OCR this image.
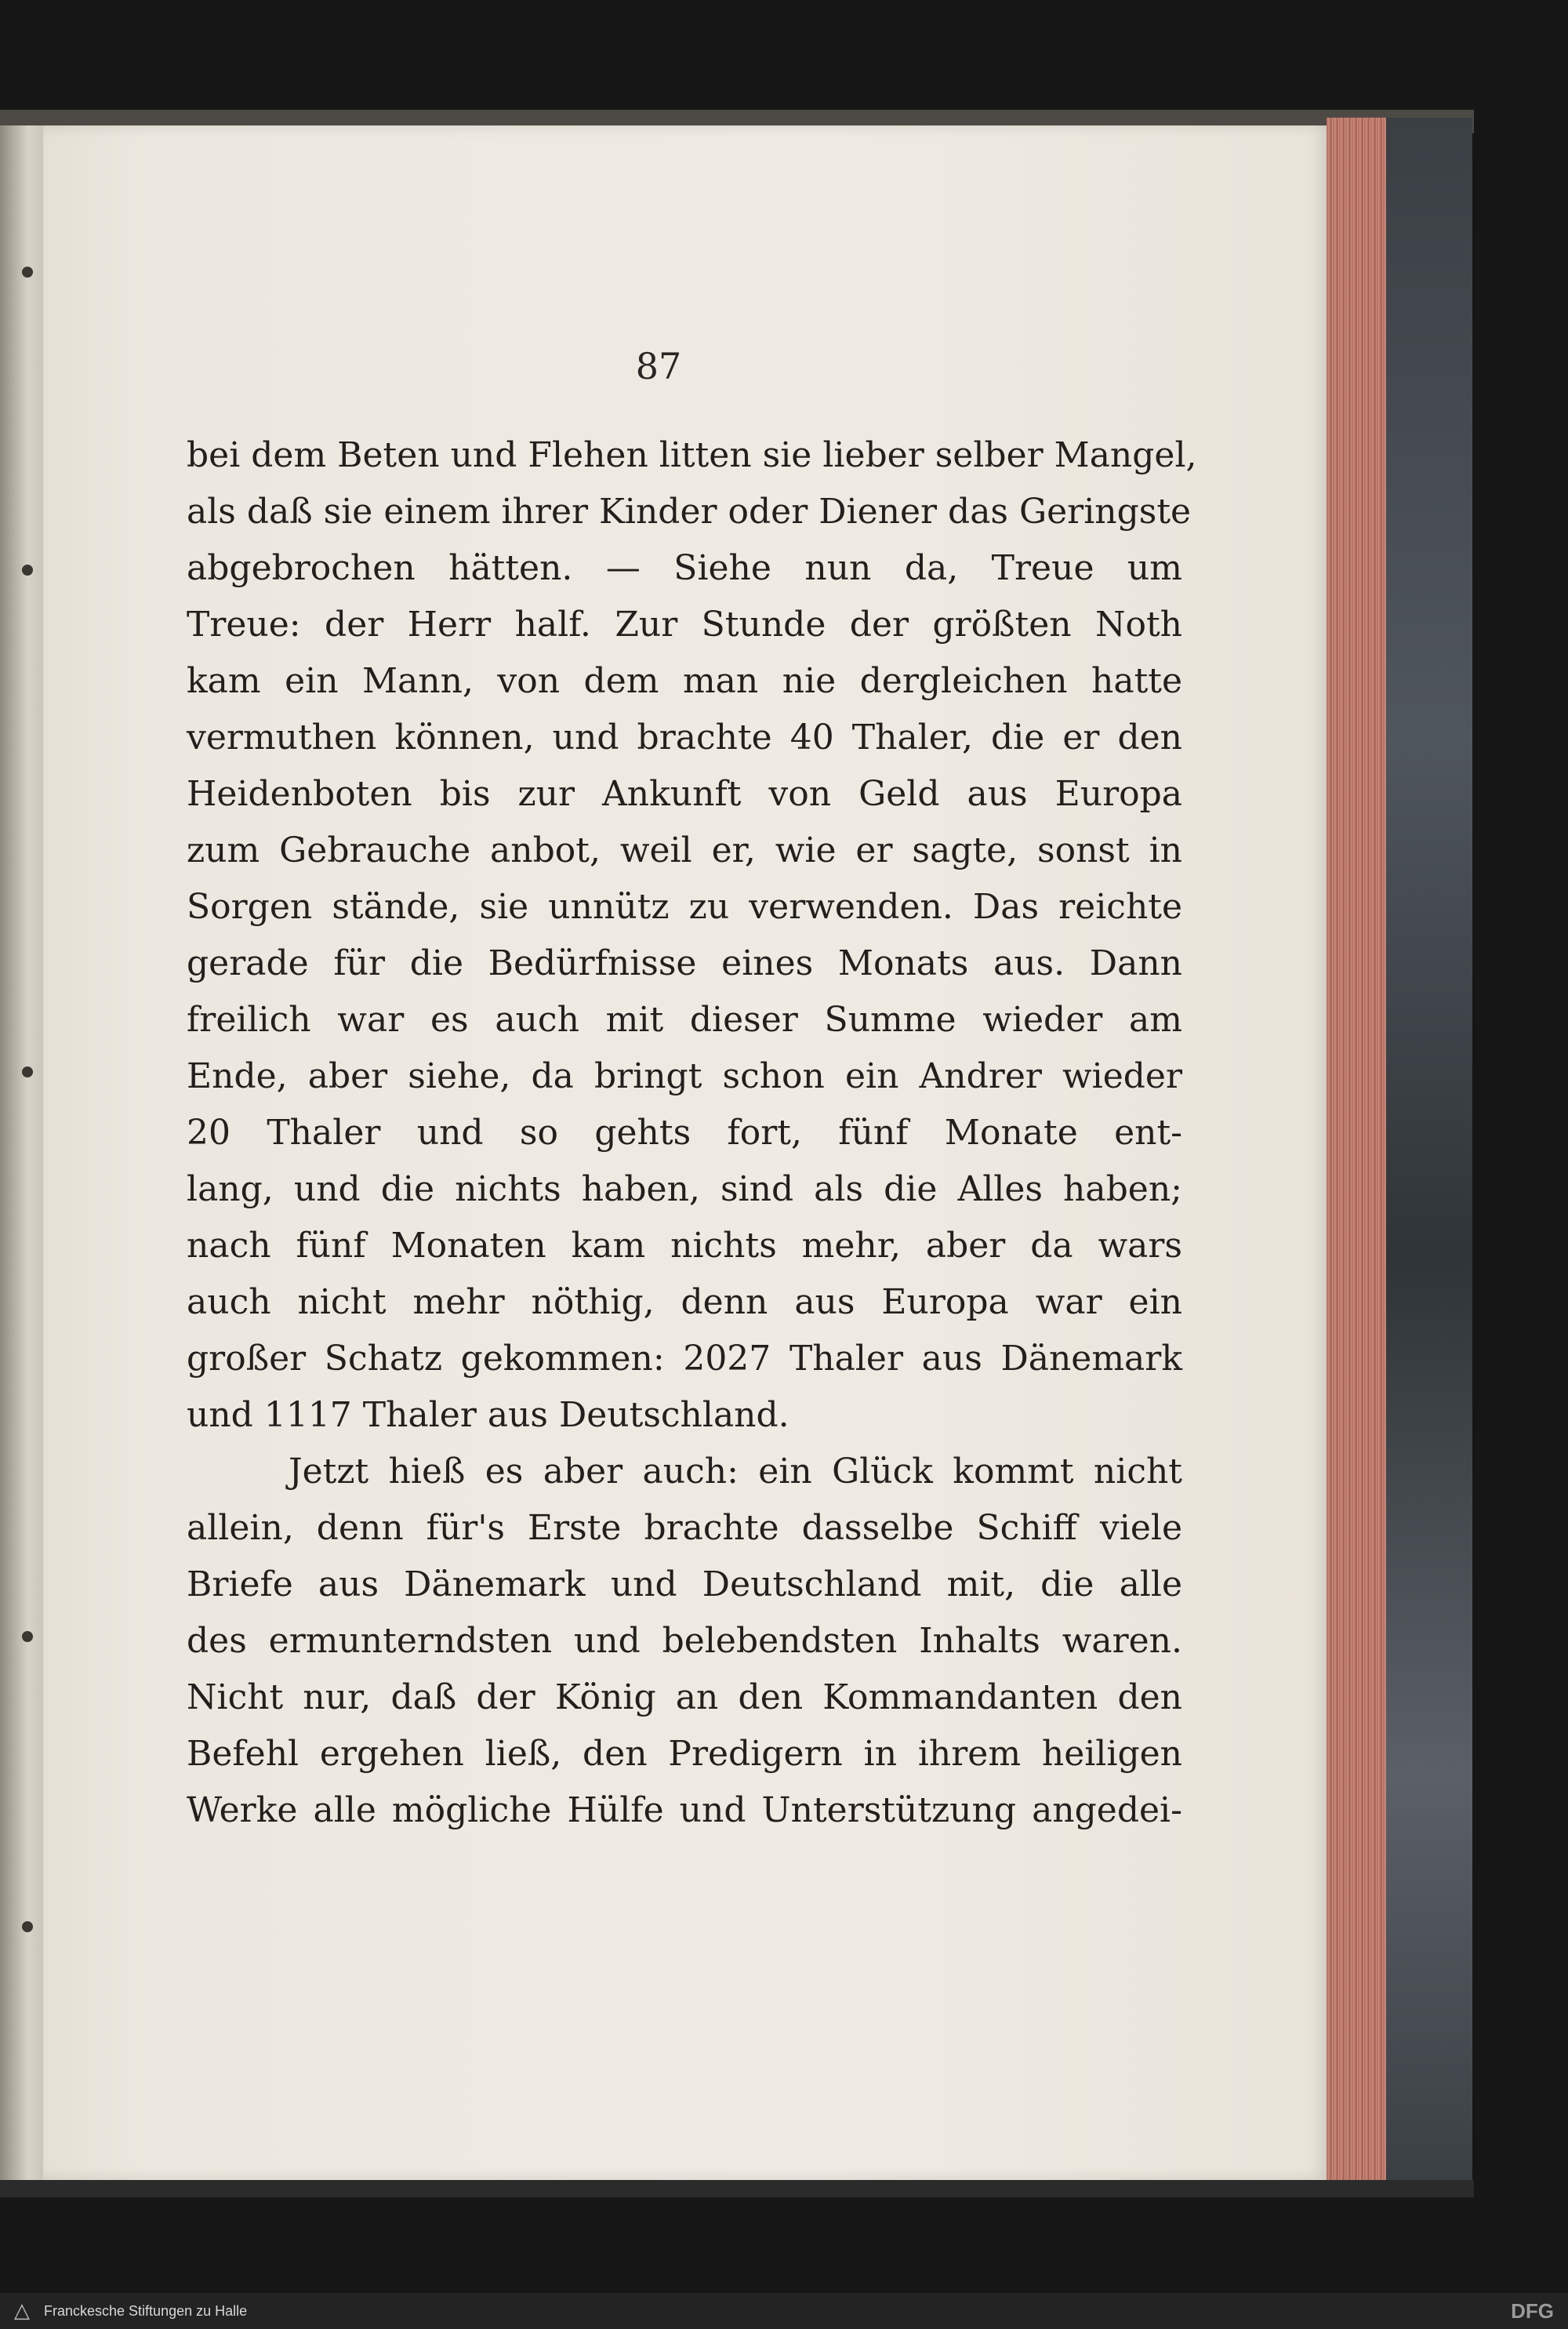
87
bei dem Beten und Flehen litten sie lieber selber Mangel,
als daß sie einem ihrer Kinder oder Diener das Geringste
abgebrochen hätten. — Siehe nun da, Treue um
Treue: der Herr half. Zur Stunde der größten Noth
kam ein Mann, von dem man nie dergleichen hatte
vermuthen können, und brachte 40 Thaler, die er den
Heidenboten bis zur Ankunft von Geld aus Europa
zum Gebrauche anbot, weil er, wie er sagte, sonst in
Sorgen stände, sie unnütz zu verwenden. Das reichte
gerade für die Bedürfnisse eines Monats aus. Dann
freilich war es auch mit dieser Summe wieder am
Ende, aber siehe, da bringt schon ein Andrer wieder
20 Thaler und so gehts fort, fünf Monate ent-
lang, und die nichts haben, sind als die Alles haben;
nach fünf Monaten kam nichts mehr, aber da wars
auch nicht mehr nöthig, denn aus Europa war ein
großer Schatz gekommen: 2027 Thaler aus Dänemark
und 1117 Thaler aus Deutschland.
Jetzt hieß es aber auch: ein Glück kommt nicht
allein, denn für's Erste brachte dasselbe Schiff viele
Briefe aus Dänemark und Deutschland mit, die alle
des ermunterndsten und belebendsten Inhalts waren.
Nicht nur, daß der König an den Kommandanten den
Befehl ergehen ließ, den Predigern in ihrem heiligen
Werke alle mögliche Hülfe und Unterstützung angedei-
△	Franckesche Stiftungen zu Halle	DFG
